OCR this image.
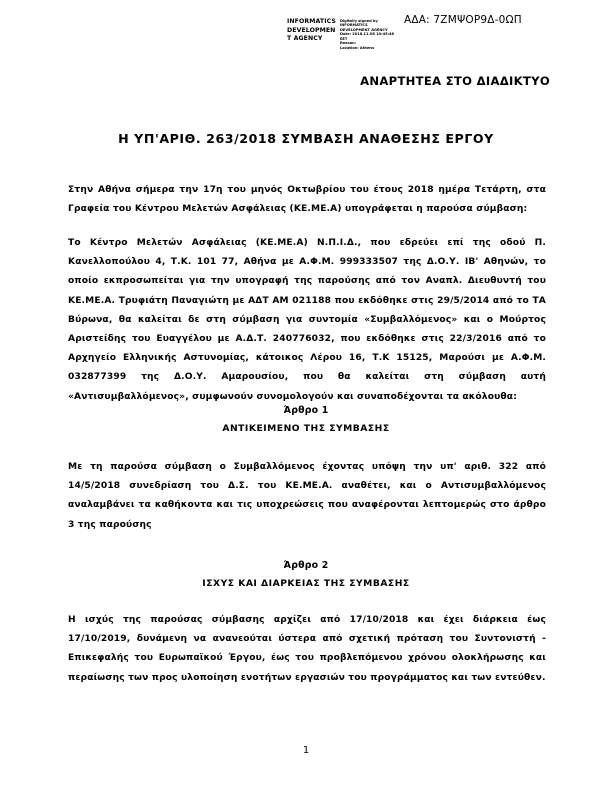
INFORMATICS
DEVELOPMEN
T AGENCY
Digitally signed by
INFORMATICS
DEVELOPMENT AGENCY
Date: 2018.11.08 10:45:46
EET
Reason:
Location: Athens
ΑΔΑ: 7ΖΜΨΟΡ9Δ-0ΩΠ
ΑΝΑΡΤΗΤΕΑ ΣΤΟ ΔΙΑΔΙΚΤΥΟ
Η ΥΠ'ΑΡΙΘ. 263/2018 ΣΥΜΒΑΣΗ ΑΝΑΘΕΣΗΣ ΕΡΓΟΥ
Στην Αθήνα σήμερα την 17η του μηνός Οκτωβρίου του έτους 2018 ημέρα Τετάρτη, στα Γραφεία του Κέντρου Μελετών Ασφάλειας (ΚΕ.ΜΕ.Α) υπογράφεται η παρούσα σύμβαση:
Το Κέντρο Μελετών Ασφάλειας (ΚΕ.ΜΕ.Α) Ν.Π.Ι.Δ., που εδρεύει επί της οδού Π. Κανελλοπούλου 4, Τ.Κ. 101 77, Αθήνα με Α.Φ.Μ. 999333507 της Δ.Ο.Υ. ΙΒ' Αθηνών, το οποίο εκπροσωπείται για την υπογραφή της παρούσης από τον Αναπλ. Διευθυντή του ΚΕ.ΜΕ.Α. Τρυφιάτη Παναγιώτη με ΑΔΤ ΑΜ 021188 που εκδόθηκε στις 29/5/2014 από το ΤΑ Βύρωνα, θα καλείται δε στη σύμβαση για συντομία «Συμβαλλόμενος» και ο Μούρτος Αριστείδης του Ευαγγέλου με Α.Δ.Τ. 240776032, που εκδόθηκε στις 22/3/2016 από το Αρχηγείο Ελληνικής Αστυνομίας, κάτοικος Λέρου 16, Τ.Κ 15125, Μαρούσι με Α.Φ.Μ. 032877399 της Δ.Ο.Υ. Αμαρουσίου, που θα καλείται στη σύμβαση αυτή «Αντισυμβαλλόμενος», συμφωνούν συνομολογούν και συναποδέχονται τα ακόλουθα:
Άρθρο 1
ΑΝΤΙΚΕΙΜΕΝΟ ΤΗΣ ΣΥΜΒΑΣΗΣ
Με τη παρούσα σύμβαση ο Συμβαλλόμενος έχοντας υπόψη την υπ' αριθ. 322 από 14/5/2018 συνεδρίαση του Δ.Σ. του ΚΕ.ΜΕ.Α. αναθέτει, και ο Αντισυμβαλλόμενος αναλαμβάνει τα καθήκοντα και τις υποχρεώσεις που αναφέρονται λεπτομερώς στο άρθρο 3 της παρούσης
Άρθρο 2
ΙΣΧΥΣ ΚΑΙ ΔΙΑΡΚΕΙΑΣ ΤΗΣ ΣΥΜΒΑΣΗΣ
Η ισχύς της παρούσας σύμβασης αρχίζει από 17/10/2018 και έχει διάρκεια έως 17/10/2019, δυνάμενη να ανανεούται ύστερα από σχετική πρόταση του Συντονιστή - Επικεφαλής του Ευρωπαϊκού Έργου, έως του προβλεπόμενου χρόνου ολοκλήρωσης και περαίωσης των προς υλοποίηση ενοτήτων εργασιών του προγράμματος και των εντεύθεν.
1
